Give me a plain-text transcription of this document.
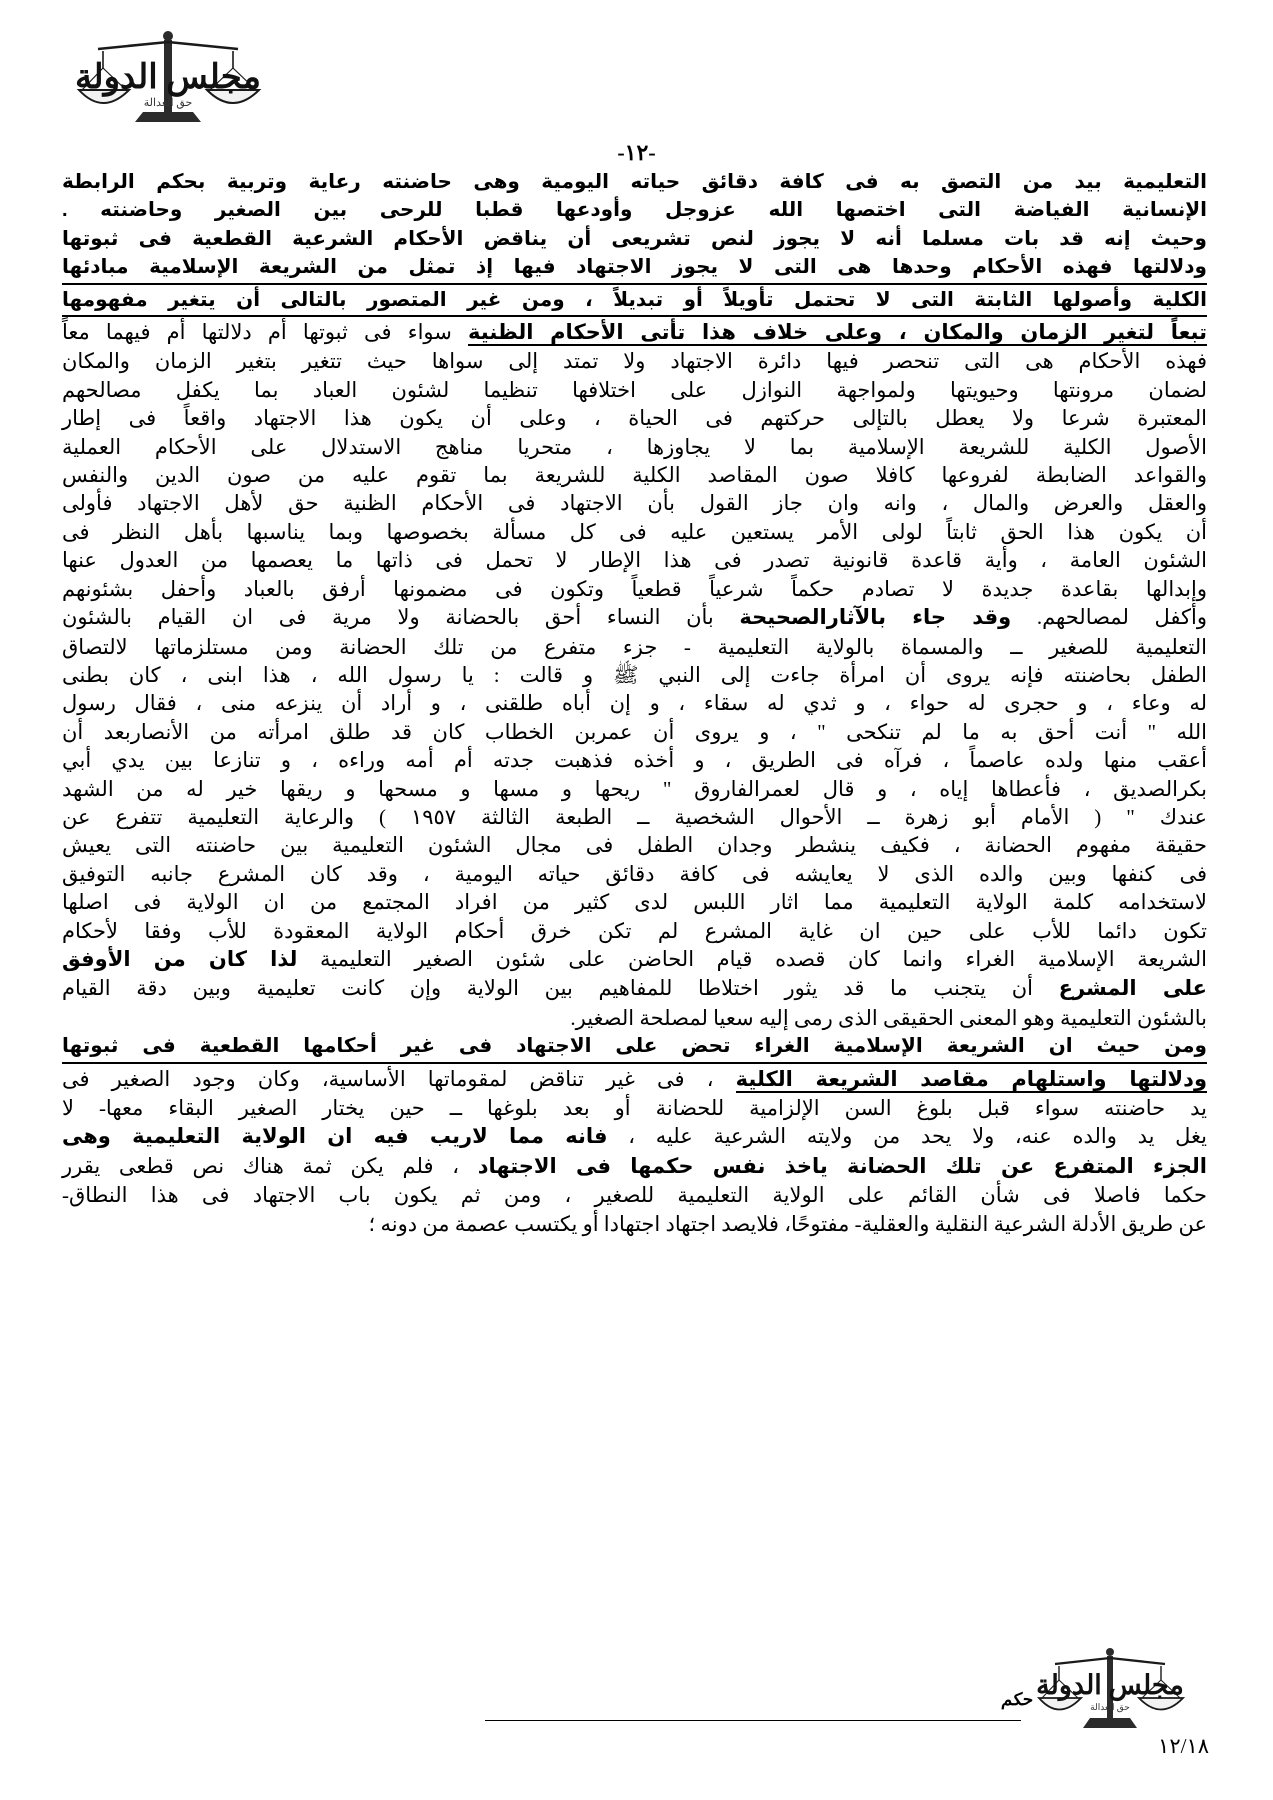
مجلس الدولة
حق العدالة
-١٢-
التعليمية بيد من التصق به فى كافة دقائق حياته اليومية وهى حاضنته رعاية وتربية بحكم الرابطة
الإنسانية الفياضة التى اختصها الله عزوجل وأودعها قطبا للرحى بين الصغير وحاضنته .
وحيث إنه قد بات مسلما أنه لا يجوز لنص تشريعى أن يناقض الأحكام الشرعية القطعية فى ثبوتها
ودلالتها فهذه الأحكام وحدها هى التى لا يجوز الاجتهاد فيها إذ تمثل من الشريعة الإسلامية مبادئها
الكلية وأصولها الثابتة التى لا تحتمل تأويلاً أو تبديلاً ، ومن غير المتصور بالتالى أن يتغير مفهومها
تبعاً لتغير الزمان والمكان ، وعلى خلاف هذا تأتى الأحكام الظنية سواء فى ثبوتها أم دلالتها أم فيهما معاً
فهذه الأحكام هى التى تنحصر فيها دائرة الاجتهاد ولا تمتد إلى سواها حيث تتغير بتغير الزمان والمكان
لضمان مرونتها وحيويتها ولمواجهة النوازل على اختلافها تنظيما لشئون العباد بما يكفل مصالحهم
المعتبرة شرعا ولا يعطل بالتإلى حركتهم فى الحياة ، وعلى أن يكون هذا الاجتهاد واقعاً فى إطار
الأصول الكلية للشريعة الإسلامية بما لا يجاوزها ، متحريا مناهج الاستدلال على الأحكام العملية
والقواعد الضابطة لفروعها كافلا صون المقاصد الكلية للشريعة بما تقوم عليه من صون الدين والنفس
والعقل والعرض والمال ، وانه وان جاز القول بأن الاجتهاد فى الأحكام الظنية حق لأهل الاجتهاد فأولى
أن يكون هذا الحق ثابتاً لولى الأمر يستعين عليه فى كل مسألة بخصوصها وبما يناسبها بأهل النظر فى
الشئون العامة ، وأية قاعدة قانونية تصدر فى هذا الإطار لا تحمل فى ذاتها ما يعصمها من العدول عنها
وإبدالها بقاعدة جديدة لا تصادم حكماً شرعياً قطعياً وتكون فى مضمونها أرفق بالعباد وأحفل بشئونهم
وأكفل لمصالحهم. وقد جاء بالآثارالصحيحة بأن النساء أحق بالحضانة ولا مرية فى ان القيام بالشئون
التعليمية للصغير ــ والمسماة بالولاية التعليمية - جزء متفرع من تلك الحضانة ومن مستلزماتها لالتصاق
الطفل بحاضنته فإنه يروى أن امرأة جاءت إلى النبي ﷺ و قالت : يا رسول الله ، هذا ابنى ، كان بطنى
له وعاء ، و حجرى له حواء ، و ثدي له سقاء ، و إن أباه طلقنى ، و أراد أن ينزعه منى ، فقال رسول
الله " أنت أحق به ما لم تنكحى " ، و يروى أن عمربن الخطاب كان قد طلق امرأته من الأنصاربعد أن
أعقب منها ولده عاصماً ، فرآه فى الطريق ، و أخذه فذهبت جدته أم أمه وراءه ، و تنازعا بين يدي أبي
بكرالصديق ، فأعطاها إياه ، و قال لعمرالفاروق " ريحها و مسها و مسحها و ريقها خير له من الشهد
عندك " ( الأمام أبو زهرة ــ الأحوال الشخصية ــ الطبعة الثالثة ١٩٥٧ ) والرعاية التعليمية تتفرع عن
حقيقة مفهوم الحضانة ، فكيف ينشطر وجدان الطفل فى مجال الشئون التعليمية بين حاضنته التى يعيش
فى كنفها وبين والده الذى لا يعايشه فى كافة دقائق حياته اليومية ، وقد كان المشرع جانبه التوفيق
لاستخدامه كلمة الولاية التعليمية مما اثار اللبس لدى كثير من افراد المجتمع من ان الولاية فى اصلها
تكون دائما للأب على حين ان غاية المشرع لم تكن خرق أحكام الولاية المعقودة للأب وفقا لأحكام
الشريعة الإسلامية الغراء وانما كان قصده قيام الحاضن على شئون الصغير التعليمية لذا كان من الأوفق
على المشرع أن يتجنب ما قد يثور اختلاطا للمفاهيم بين الولاية وإن كانت تعليمية وبين دقة القيام
بالشئون التعليمية وهو المعنى الحقيقى الذى رمى إليه سعيا لمصلحة الصغير.
ومن حيث ان الشريعة الإسلامية الغراء تحض على الاجتهاد فى غير أحكامها القطعية فى ثبوتها
ودلالتها واستلهام مقاصد الشريعة الكلية ، فى غير تناقض لمقوماتها الأساسية، وكان وجود الصغير فى
يد حاضنته سواء قبل بلوغ السن الإلزامية للحضانة أو بعد بلوغها ــ حين يختار الصغير البقاء معها- لا
يغل يد والده عنه، ولا يحد من ولايته الشرعية عليه ، فانه مما لاريب فيه ان الولاية التعليمية وهى
الجزء المتفرع عن تلك الحضانة ياخذ نفس حكمها فى الاجتهاد ، فلم يكن ثمة هناك نص قطعى يقرر
حكما فاصلا فى شأن القائم على الولاية التعليمية للصغير ، ومن ثم يكون باب الاجتهاد فى هذا النطاق-
عن طريق الأدلة الشرعية النقلية والعقلية- مفتوحًا، فلايصد اجتهاد اجتهادا أو يكتسب عصمة من دونه ؛
مجلس الدولة
حق العدالة
حكم
١٢/١٨
